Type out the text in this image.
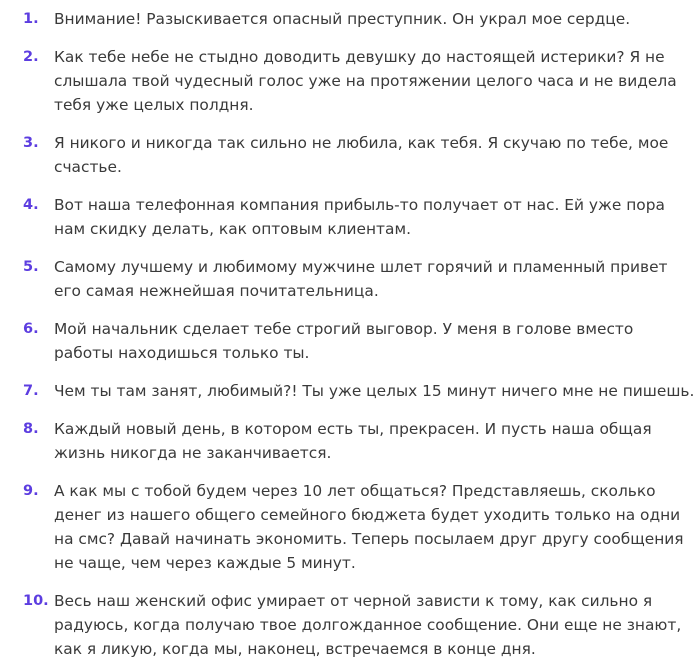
1. Внимание! Разыскивается опасный преступник. Он украл мое сердце.
2. Как тебе небе не стыдно доводить девушку до настоящей истерики? Я не слышала твой чудесный голос уже на протяжении целого часа и не видела тебя уже целых полдня.
3. Я никого и никогда так сильно не любила, как тебя. Я скучаю по тебе, мое счастье.
4. Вот наша телефонная компания прибыль-то получает от нас. Ей уже пора нам скидку делать, как оптовым клиентам.
5. Самому лучшему и любимому мужчине шлет горячий и пламенный привет его самая нежнейшая почитательница.
6. Мой начальник сделает тебе строгий выговор. У меня в голове вместо работы находишься только ты.
7. Чем ты там занят, любимый?! Ты уже целых 15 минут ничего мне не пишешь.
8. Каждый новый день, в котором есть ты, прекрасен. И пусть наша общая жизнь никогда не заканчивается.
9. А как мы с тобой будем через 10 лет общаться? Представляешь, сколько денег из нашего общего семейного бюджета будет уходить только на одни на смс? Давай начинать экономить. Теперь посылаем друг другу сообщения не чаще, чем через каждые 5 минут.
10. Весь наш женский офис умирает от черной зависти к тому, как сильно я радуюсь, когда получаю твое долгожданное сообщение. Они еще не знают, как я ликую, когда мы, наконец, встречаемся в конце дня.
